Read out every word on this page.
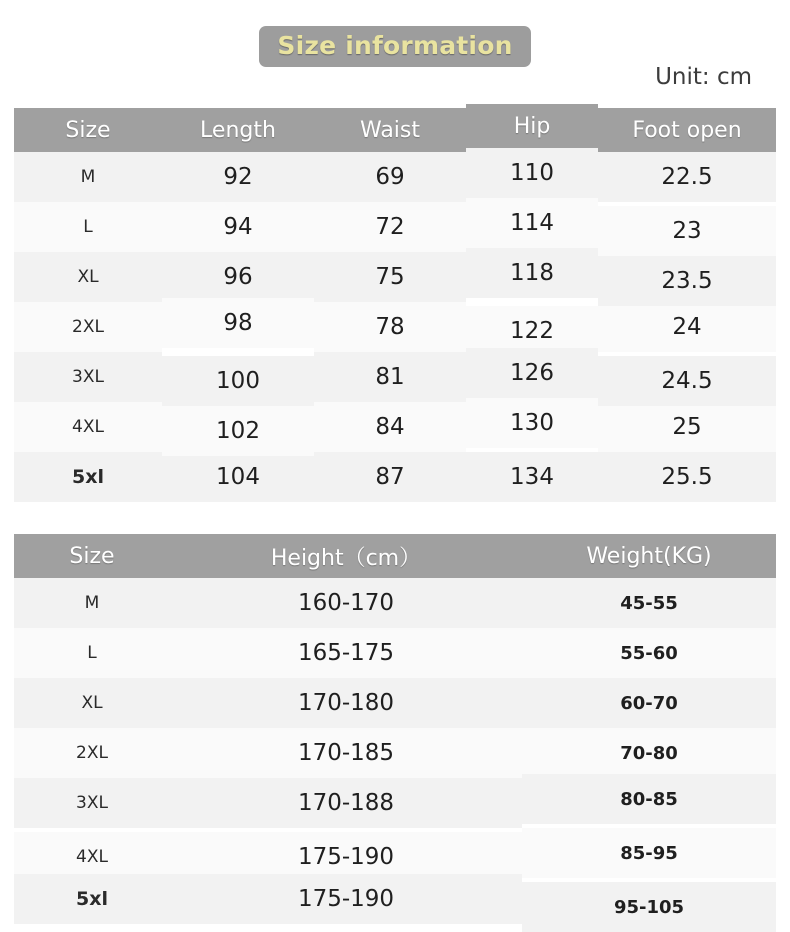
Size information
Unit: cm
Size	Length	Waist	Hip	Foot open
M	92	69	110	22.5
L	94	72	114	23
XL	96	75	118	23.5
2XL	98	78	122	24
3XL	100	81	126	24.5
4XL	102	84	130	25
5xl	104	87	134	25.5
Size	Height（cm）	Weight(KG)
M	160-170	45-55
L	165-175	55-60
XL	170-180	60-70
2XL	170-185	70-80
3XL	170-188	80-85
4XL	175-190	85-95
5xl	175-190	95-105
